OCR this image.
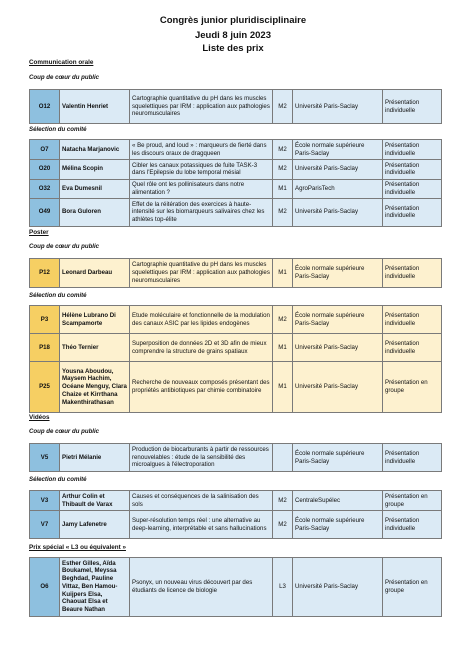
Congrès junior pluridisciplinaire
Jeudi 8 juin 2023
Liste des prix
Communication orale
Coup de cœur du public
O12	Valentin Henriet	Cartographie quantitative du pH dans les muscles squelettiques par IRM : application aux pathologies neuromusculaires	M2	Université Paris-Saclay	Présentation individuelle
Sélection du comité
O7	Natacha Marjanovic	« Be proud, and loud » : marqueurs de fierté dans les discours oraux de dragqueen	M2	École normale supérieure Paris-Saclay	Présentation individuelle
O20	Mélina Scopin	Cibler les canaux potassiques de fuite TASK-3 dans l'Epilepsie du lobe temporal mésial	M2	Université Paris-Saclay	Présentation individuelle
O32	Eva Dumesnil	Quel rôle ont les pollinisateurs dans notre alimentation ?	M1	AgroParisTech	Présentation individuelle
O49	Bora Guloren	Effet de la réitération des exercices à haute-intensité sur les biomarqueurs salivaires chez les athlètes top-élite	M2	Université Paris-Saclay	Présentation individuelle
Poster
Coup de cœur du public
P12	Leonard Darbeau	Cartographie quantitative du pH dans les muscles squelettiques par IRM : application aux pathologies neuromusculaires	M1	École normale supérieure Paris-Saclay	Présentation individuelle
Sélection du comité
P3	Hélène Lubrano Di Scampamorte	Etude moléculaire et fonctionnelle de la modulation des canaux ASIC par les lipides endogènes	M2	École normale supérieure Paris-Saclay	Présentation individuelle
P18	Théo Ternier	Superposition de données 2D et 3D afin de mieux comprendre la structure de grains spatiaux	M1	Université Paris-Saclay	Présentation individuelle
P25	Yousna Aboudou, Maysem Hachim, Océane Menguy, Clara Chaize et Kirrthana Makenthirathasan	Recherche de nouveaux composés présentant des propriétés antibiotiques par chimie combinatoire	M1	Université Paris-Saclay	Présentation en groupe
Vidéos
Coup de cœur du public
V5	Pietri Mélanie	Production de biocarburants à partir de ressources renouvelables : étude de la sensibilité des microalgues à l'électroporation		École normale supérieure Paris-Saclay	Présentation individuelle
Sélection du comité
V3	Arthur Colin et Thibault de Varax	Causes et conséquences de la salinisation des sols	M2	CentraleSupélec	Présentation en groupe
V7	Jamy Lafenetre	Super-résolution temps réel : une alternative au deep-learning, interprétable et sans hallucinations	M2	École normale supérieure Paris-Saclay	Présentation individuelle
Prix spécial « L3 ou équivalent »
O6	Esther Gilles, Aïda Boukamel, Meyssa Beghdad, Pauline Vittaz, Ben Hamou-Kuijpers Elsa, Chaouat Elsa et Beaure Nathan	Psonyx, un nouveau virus découvert par des étudiants de licence de biologie	L3	Université Paris-Saclay	Présentation en groupe
